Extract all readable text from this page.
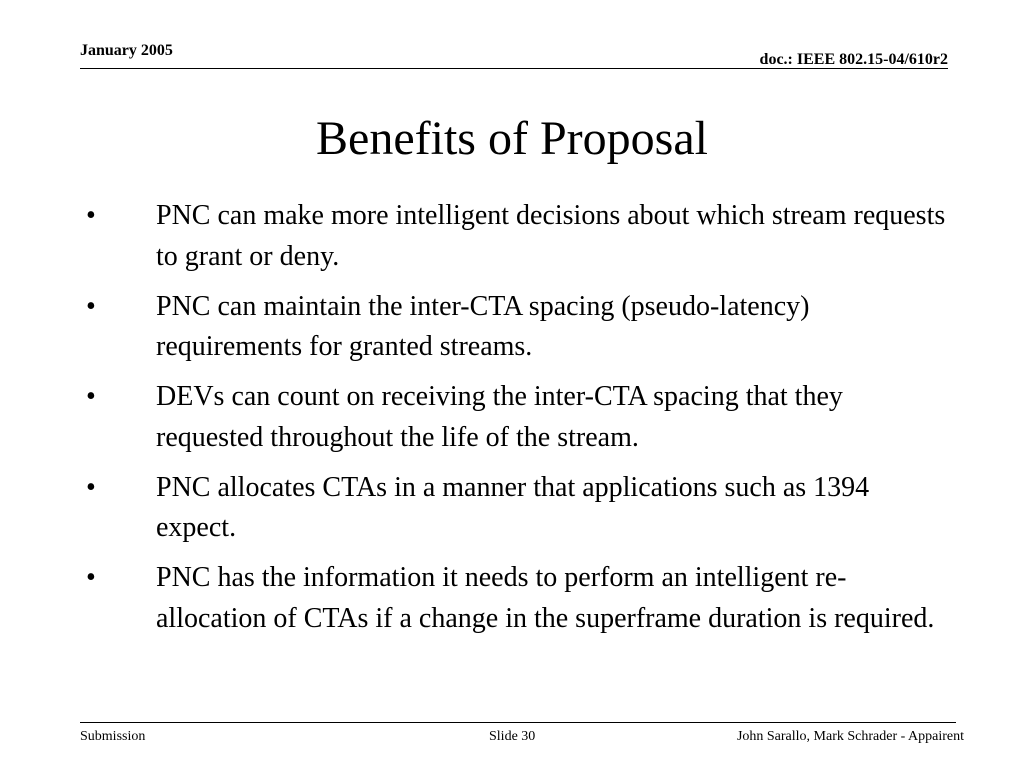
January 2005
doc.: IEEE 802.15-04/610r2
Benefits of Proposal
•	PNC can make more intelligent decisions about which stream requests to grant or deny.
•	PNC can maintain the inter-CTA spacing (pseudo-latency) requirements for granted streams.
•	DEVs can count on receiving the inter-CTA spacing that they requested throughout the life of the stream.
•	PNC allocates CTAs in a manner that applications such as 1394 expect.
•	PNC has the information it needs to perform an intelligent re-allocation of CTAs if a change in the superframe duration is required.
Submission	Slide 30	John Sarallo, Mark Schrader - Appairent
